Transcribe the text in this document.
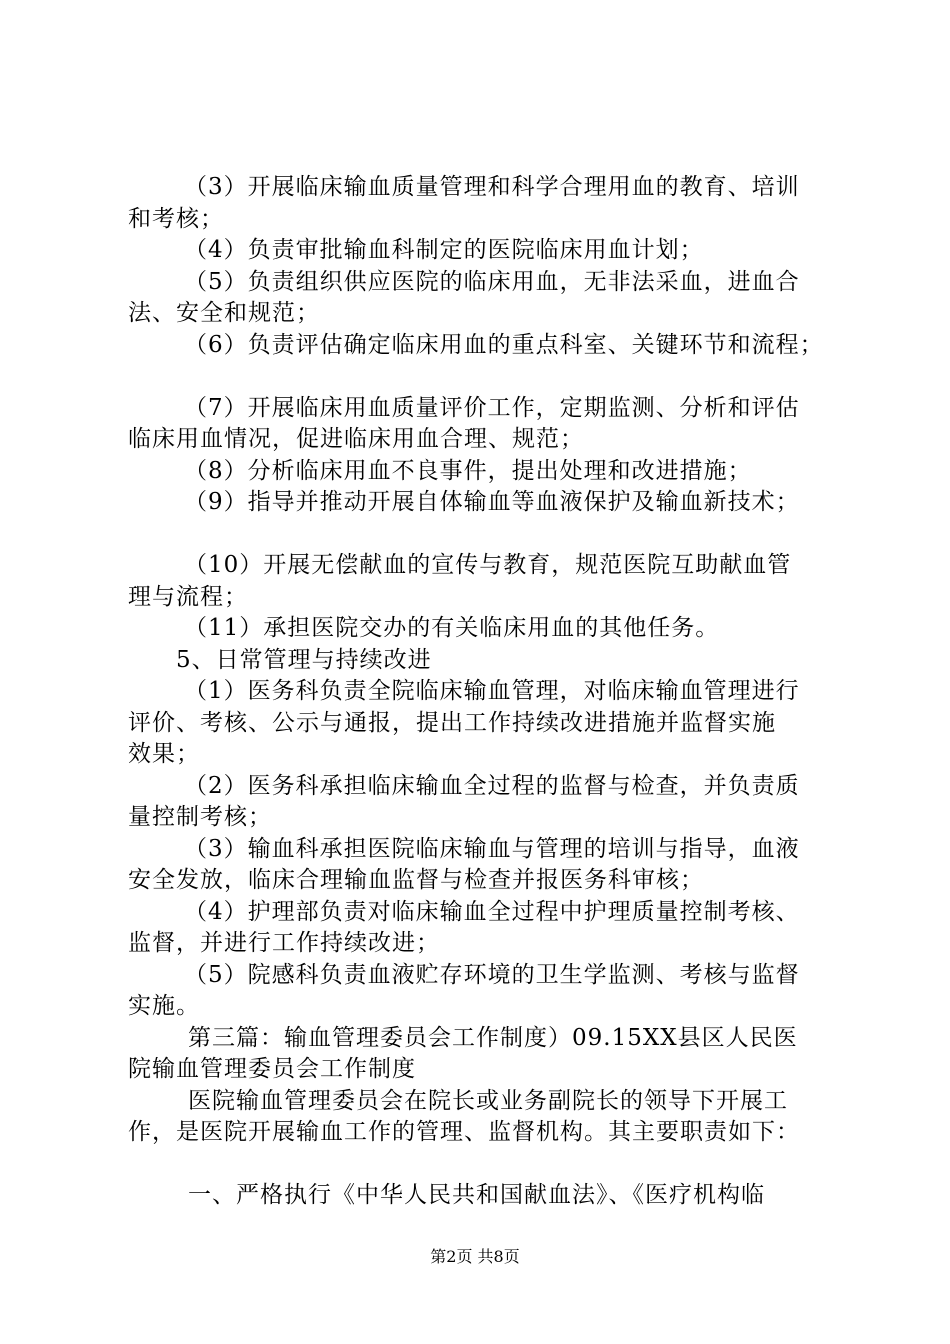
（3）开展临床输血质量管理和科学合理用血的教育、培训
和考核；
（4）负责审批输血科制定的医院临床用血计划；
（5）负责组织供应医院的临床用血，无非法采血，进血合
法、安全和规范；
（6）负责评估确定临床用血的重点科室、关键环节和流程；
（7）开展临床用血质量评价工作，定期监测、分析和评估
临床用血情况，促进临床用血合理、规范；
（8）分析临床用血不良事件，提出处理和改进措施；
（9）指导并推动开展自体输血等血液保护及输血新技术；
（10）开展无偿献血的宣传与教育，规范医院互助献血管
理与流程；
（11）承担医院交办的有关临床用血的其他任务。
5、日常管理与持续改进
（1）医务科负责全院临床输血管理，对临床输血管理进行
评价、考核、公示与通报，提出工作持续改进措施并监督实施
效果；
（2）医务科承担临床输血全过程的监督与检查，并负责质
量控制考核；
（3）输血科承担医院临床输血与管理的培训与指导，血液
安全发放，临床合理输血监督与检查并报医务科审核；
（4）护理部负责对临床输血全过程中护理质量控制考核、
监督，并进行工作持续改进；
（5）院感科负责血液贮存环境的卫生学监测、考核与监督
实施。
第三篇：输血管理委员会工作制度）09.15XX县区人民医
院输血管理委员会工作制度
医院输血管理委员会在院长或业务副院长的领导下开展工
作，是医院开展输血工作的管理、监督机构。其主要职责如下：
一、严格执行《中华人民共和国献血法》、《医疗机构临
第2页 共8页
